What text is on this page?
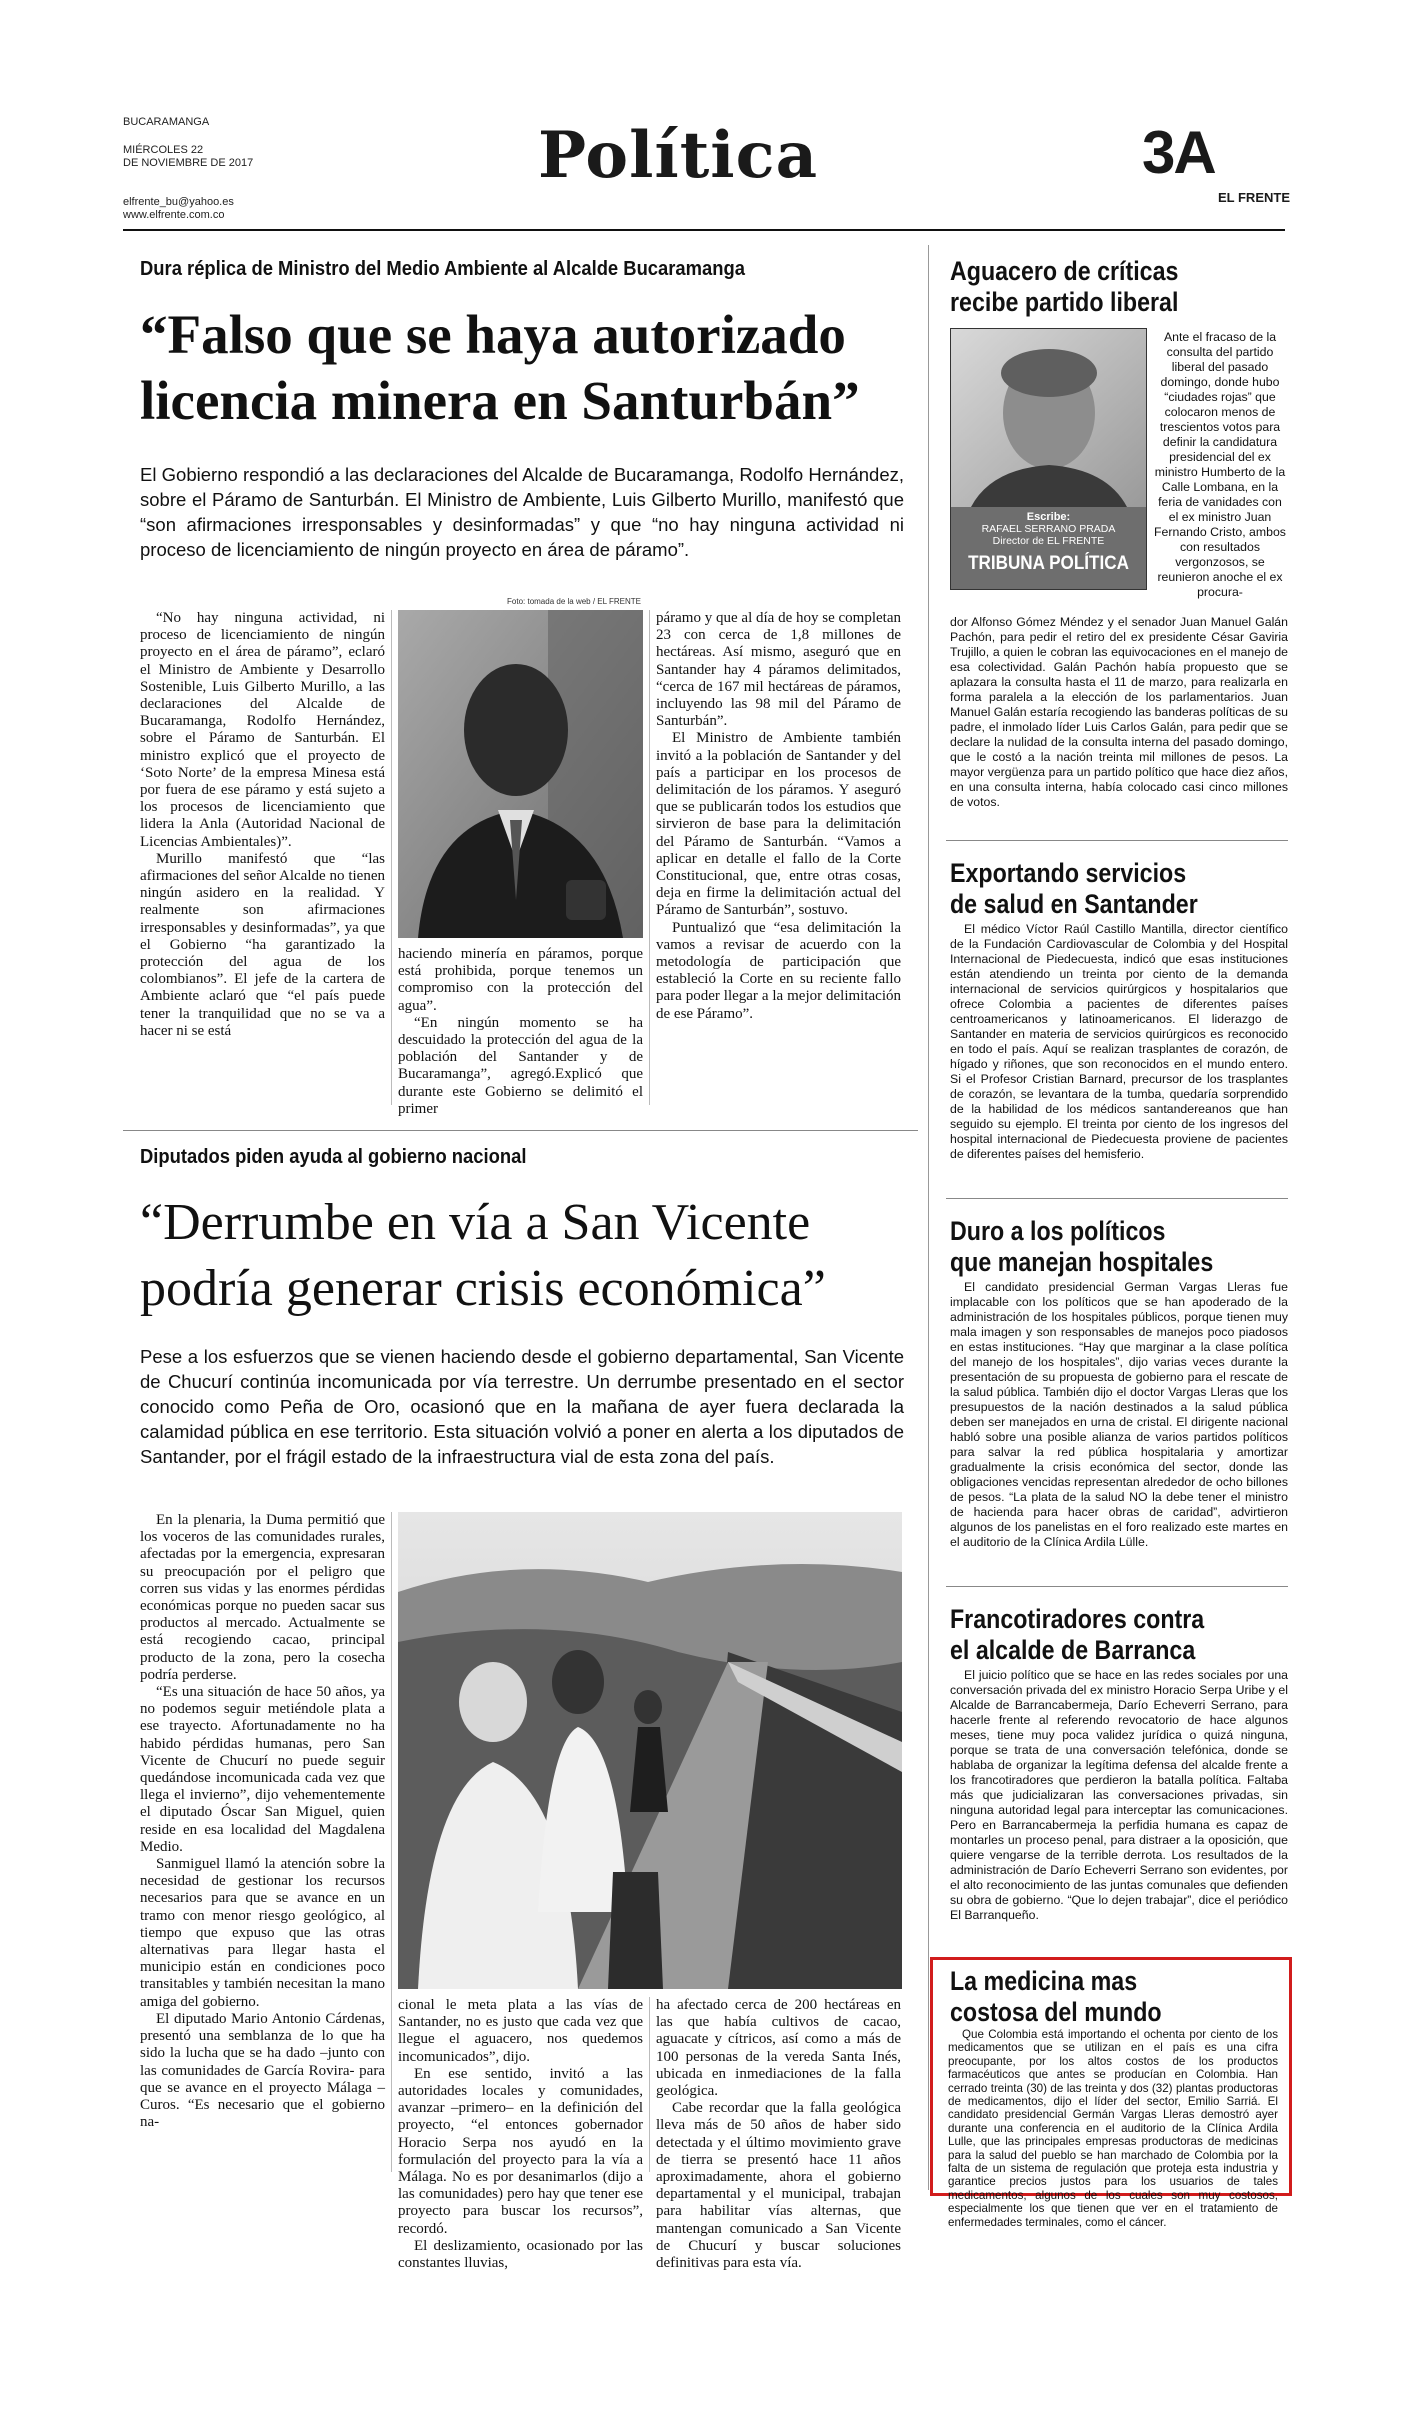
BUCARAMANGA
MIÉRCOLES 22
DE NOVIEMBRE DE 2017
elfrente_bu@yahoo.es
www.elfrente.com.co
Política	3A
EL FRENTE
Dura réplica de Ministro del Medio Ambiente al Alcalde Bucaramanga
“Falso que se haya autorizado
licencia minera en Santurbán”
El Gobierno respondió a las declaraciones del Alcalde de Bucaramanga, Rodolfo Hernández, sobre el Páramo de Santurbán. El Ministro de Ambiente, Luis Gilberto Murillo, manifestó que “son afirmaciones irresponsables y desinformadas” y que “no hay ninguna actividad ni proceso de licenciamiento de ningún proyecto en área de páramo”.
Foto: tomada de la web / EL FRENTE

“No hay ninguna actividad, ni proceso de licenciamiento de ningún proyecto en el área de páramo”, eclaró el Ministro de Ambiente y Desarrollo Sostenible, Luis Gilberto Murillo, a las declaraciones del Alcalde de Bucaramanga, Rodolfo Hernández, sobre el Páramo de Santurbán. El ministro explicó que el proyecto de ‘Soto Norte’ de la empresa Minesa está por fuera de ese páramo y está sujeto a los procesos de licenciamiento que lidera la Anla (Autoridad Nacional de Licencias Ambientales)”.

Murillo manifestó que “las afirmaciones del señor Alcalde no tienen ningún asidero en la realidad. Y realmente son afirmaciones irresponsables y desinformadas”, ya que el Gobierno “ha garantizado la protección del agua de los colombianos”. El jefe de la cartera de Ambiente aclaró que “el país puede tener la tranquilidad que no se va a hacer ni se está

haciendo minería en páramos, porque está prohibida, porque tenemos un compromiso con la protección del agua”.

“En ningún momento se ha descuidado la protección del agua de la población del Santander y de Bucaramanga”, agregó.Explicó que durante este Gobierno se delimitó el primer

páramo y que al día de hoy se completan 23 con cerca de 1,8 millones de hectáreas. Así mismo, aseguró que en Santander hay 4 páramos delimitados, “cerca de 167 mil hectáreas de páramos, incluyendo las 98 mil del Páramo de Santurbán”.

El Ministro de Ambiente también invitó a la población de Santander y del país a participar en los procesos de delimitación de los páramos. Y aseguró que se publicarán todos los estudios que sirvieron de base para la delimitación del Páramo de Santurbán. “Vamos a aplicar en detalle el fallo de la Corte Constitucional, que, entre otras cosas, deja en firme la delimitación actual del Páramo de Santurbán”, sostuvo.

Puntualizó que “esa delimitación la vamos a revisar de acuerdo con la metodología de participación que estableció la Corte en su reciente fallo para poder llegar a la mejor delimitación de ese Páramo”.

Diputados piden ayuda al gobierno nacional
“Derrumbe en vía a San Vicente
podría generar crisis económica”
Pese a los esfuerzos que se vienen haciendo desde el gobierno departamental, San Vicente de Chucurí continúa incomunicada por vía terrestre. Un derrumbe presentado en el sector conocido como Peña de Oro, ocasionó que en la mañana de ayer fuera declarada la calamidad pública en ese territorio. Esta situación volvió a poner en alerta a los diputados de Santander, por el frágil estado de la infraestructura vial de esta zona del país.

En la plenaria, la Duma permitió que los voceros de las comunidades rurales, afectadas por la emergencia, expresaran su preocupación por el peligro que corren sus vidas y las enormes pérdidas económicas porque no pueden sacar sus productos al mercado. Actualmente se está recogiendo cacao, principal producto de la zona, pero la cosecha podría perderse.

“Es una situación de hace 50 años, ya no podemos seguir metiéndole plata a ese trayecto. Afortunadamente no ha habido pérdidas humanas, pero San Vicente de Chucurí no puede seguir quedándose incomunicada cada vez que llega el invierno”, dijo vehementemente el diputado Óscar San Miguel, quien reside en esa localidad del Magdalena Medio.

Sanmiguel llamó la atención sobre la necesidad de gestionar los recursos necesarios para que se avance en un tramo con menor riesgo geológico, al tiempo que expuso que las otras alternativas para llegar hasta el municipio están en condiciones poco transitables y también necesitan la mano amiga del gobierno.

El diputado Mario Antonio Cárdenas, presentó una semblanza de lo que ha sido la lucha que se ha dado –junto con las comunidades de García Rovira- para que se avance en el proyecto Málaga – Curos. “Es necesario que el gobierno na-

cional le meta plata a las vías de Santander, no es justo que cada vez que llegue el aguacero, nos quedemos incomunicados”, dijo.

En ese sentido, invitó a las autoridades locales y comunidades, avanzar –primero– en la definición del proyecto, “el entonces gobernador Horacio Serpa nos ayudó en la formulación del proyecto para la vía a Málaga. No es por desanimarlos (dijo a las comunidades) pero hay que tener ese proyecto para buscar los recursos”, recordó.

El deslizamiento, ocasionado por las constantes lluvias,

ha afectado cerca de 200 hectáreas en las que había cultivos de cacao, aguacate y cítricos, así como a más de 100 personas de la vereda Santa Inés, ubicada en inmediaciones de la falla geológica.

Cabe recordar que la falla geológica lleva más de 50 años de haber sido detectada y el último movimiento grave de tierra se presentó hace 11 años aproximadamente, ahora el gobierno departamental y el municipal, trabajan para habilitar vías alternas, que mantengan comunicado a San Vicente de Chucurí y buscar soluciones definitivas para esta vía.

Aguacero de críticas
recibe partido liberal
Escribe:
RAFAEL SERRANO PRADA
Director de EL FRENTE
TRIBUNA POLÍTICA
Ante el fracaso de la consulta del partido liberal del pasado domingo, donde hubo “ciudades rojas” que colocaron menos de trescientos votos para definir la candidatura presidencial del ex ministro Humberto de la Calle Lombana, en la feria de vanidades con el ex ministro Juan Fernando Cristo, ambos con resultados vergonzosos, se reunieron anoche el ex procura-
dor Alfonso Gómez Méndez y el senador Juan Manuel Galán Pachón, para pedir el retiro del ex presidente César Gaviria Trujillo, a quien le cobran las equivocaciones en el manejo de esa colectividad. Galán Pachón había propuesto que se aplazara la consulta hasta el 11 de marzo, para realizarla en forma paralela a la elección de los parlamentarios. Juan Manuel Galán estaría recogiendo las banderas políticas de su padre, el inmolado líder Luis Carlos Galán, para pedir que se declare la nulidad de la consulta interna del pasado domingo, que le costó a la nación treinta mil millones de pesos. La mayor vergüenza para un partido político que hace diez años, en una consulta interna, había colocado casi cinco millones de votos.
Exportando servicios
de salud en Santander

El médico Víctor Raúl Castillo Mantilla, director científico de la Fundación Cardiovascular de Colombia y del Hospital Internacional de Piedecuesta, indicó que esas instituciones están atendiendo un treinta por ciento de la demanda internacional de servicios quirúrgicos y hospitalarios que ofrece Colombia a pacientes de diferentes países centroamericanos y latinoamericanos. El liderazgo de Santander en materia de servicios quirúrgicos es reconocido en todo el país. Aquí se realizan trasplantes de corazón, de hígado y riñones, que son reconocidos en el mundo entero. Si el Profesor Cristian Barnard, precursor de los trasplantes de corazón, se levantara de la tumba, quedaría sorprendido de la habilidad de los médicos santandereanos que han seguido su ejemplo. El treinta por ciento de los ingresos del hospital internacional de Piedecuesta proviene de pacientes de diferentes países del hemisferio.

Duro a los políticos
que manejan hospitales

El candidato presidencial German Vargas Lleras fue implacable con los políticos que se han apoderado de la administración de los hospitales públicos, porque tienen muy mala imagen y son responsables de manejos poco piadosos en estas instituciones. “Hay que marginar a la clase política del manejo de los hospitales”, dijo varias veces durante la presentación de su propuesta de gobierno para el rescate de la salud pública. También dijo el doctor Vargas Lleras que los presupuestos de la nación destinados a la salud pública deben ser manejados en urna de cristal. El dirigente nacional habló sobre una posible alianza de varios partidos políticos para salvar la red pública hospitalaria y amortizar gradualmente la crisis económica del sector, donde las obligaciones vencidas representan alrededor de ocho billones de pesos. “La plata de la salud NO la debe tener el ministro de hacienda para hacer obras de caridad”, advirtieron algunos de los panelistas en el foro realizado este martes en el auditorio de la Clínica Ardila Lülle.

Francotiradores contra
el alcalde de Barranca

El juicio político que se hace en las redes sociales por una conversación privada del ex ministro Horacio Serpa Uribe y el Alcalde de Barrancabermeja, Darío Echeverri Serrano, para hacerle frente al referendo revocatorio de hace algunos meses, tiene muy poca validez jurídica o quizá ninguna, porque se trata de una conversación telefónica, donde se hablaba de organizar la legítima defensa del alcalde frente a los francotiradores que perdieron la batalla política. Faltaba más que judicializaran las conversaciones privadas, sin ninguna autoridad legal para interceptar las comunicaciones. Pero en Barrancabermeja la perfidia humana es capaz de montarles un proceso penal, para distraer a la oposición, que quiere vengarse de la terrible derrota. Los resultados de la administración de Darío Echeverri Serrano son evidentes, por el alto reconocimiento de las juntas comunales que defienden su obra de gobierno. “Que lo dejen trabajar”, dice el periódico El Barranqueño.

La medicina mas
costosa del mundo

Que Colombia está importando el ochenta por ciento de los medicamentos que se utilizan en el país es una cifra preocupante, por los altos costos de los productos farmacéuticos que antes se producían en Colombia. Han cerrado treinta (30) de las treinta y dos (32) plantas productoras de medicamentos, dijo el líder del sector, Emilio Sarriá. El candidato presidencial Germán Vargas Lleras demostró ayer durante una conferencia en el auditorio de la Clínica Ardila Lulle, que las principales empresas productoras de medicinas para la salud del pueblo se han marchado de Colombia por la falta de un sistema de regulación que proteja esta industria y garantice precios justos para los usuarios de tales medicamentos, algunos de los cuales son muy costosos, especialmente los que tienen que ver en el tratamiento de enfermedades terminales, como el cáncer.
